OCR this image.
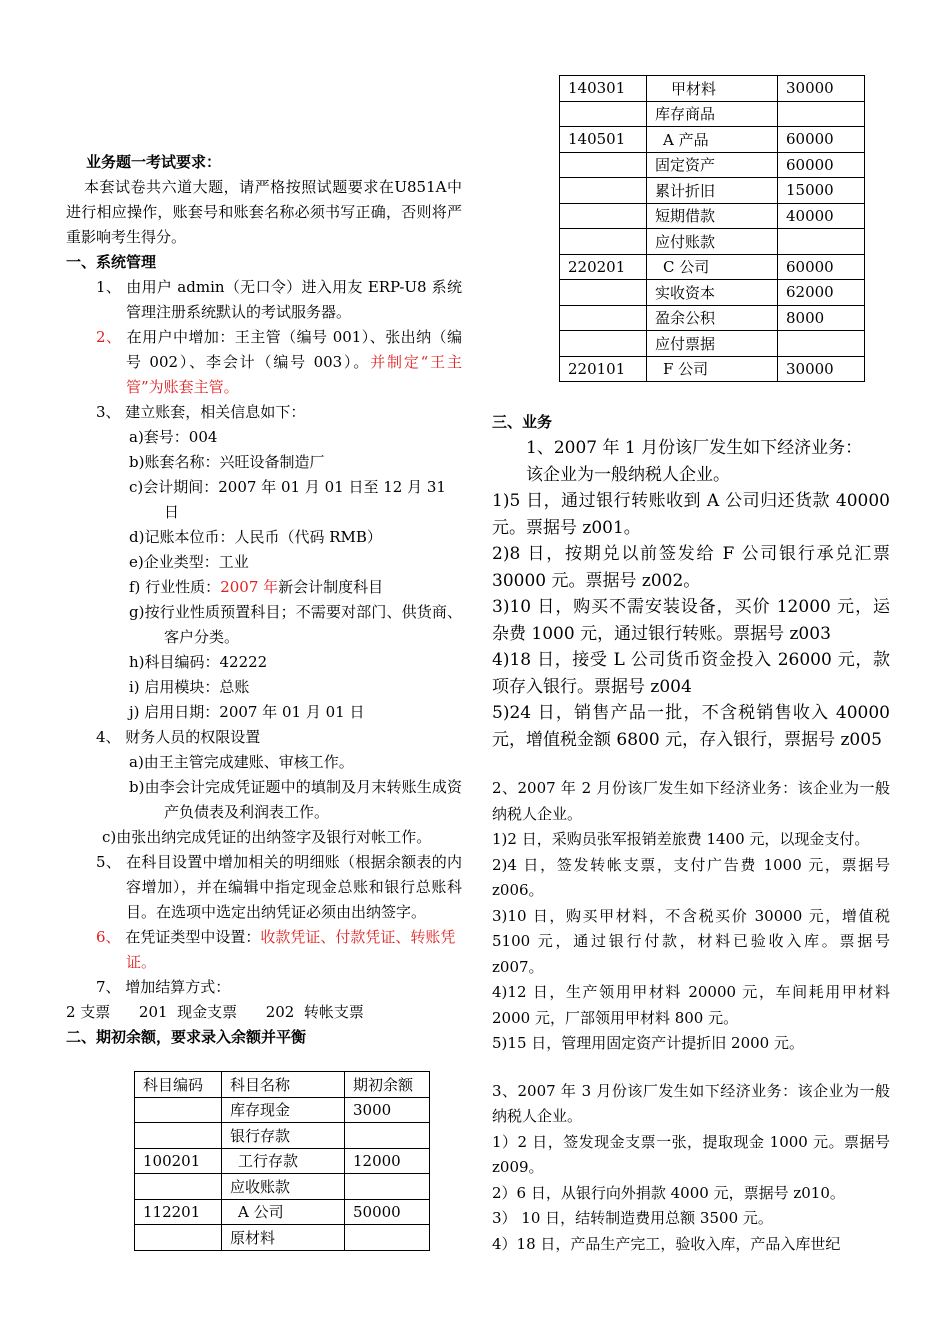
业务题一考试要求：

本套试卷共六道大题，请严格按照试题要求在U851A中进行相应操作，账套号和账套名称必须书写正确，否则将严重影响考生得分。

一、系统管理

1、 由用户 admin（无口令）进入用友 ERP-U8 系统管理注册系统默认的考试服务器。

2、 在用户中增加：王主管（编号 001）、张出纳（编号 002）、李会计（编号 003）。并制定“王主管”为账套主管。

3、 建立账套，相关信息如下：

a)套号：004

b)账套名称：兴旺设备制造厂

c)会计期间：2007 年 01 月 01 日至 12 月 31 日

d)记账本位币：人民币（代码 RMB）

e)企业类型：工业

f) 行业性质：2007 年新会计制度科目

g)按行业性质预置科目；不需要对部门、供货商、客户分类。

h)科目编码：42222

i) 启用模块：总账

j) 启用日期：2007 年 01 月 01 日

4、 财务人员的权限设置

a)由王主管完成建账、审核工作。

b)由李会计完成凭证题中的填制及月末转账生成资产负债表及利润表工作。

c)由张出纳完成凭证的出纳签字及银行对帐工作。

5、 在科目设置中增加相关的明细账（根据余额表的内容增加），并在编辑中指定现金总账和银行总账科目。在选项中选定出纳凭证必须由出纳签字。

6、 在凭证类型中设置：收款凭证、付款凭证、转账凭证。

7、 增加结算方式：

2 支票      201  现金支票      202  转帐支票

二、期初余额，要求录入余额并平衡

科目编码	科目名称	期初余额
	库存现金	3000
	银行存款	
100201	工行存款	12000
	应收账款	
112201	A 公司	50000
	原材料	
140301	甲材料	30000
	库存商品	
140501	A 产品	60000
	固定资产	60000
	累计折旧	15000
	短期借款	40000
	应付账款	
220201	C 公司	60000
	实收资本	62000
	盈余公积	8000
	应付票据	
220101	F 公司	30000

三、业务

1、2007 年 1 月份该厂发生如下经济业务：

该企业为一般纳税人企业。

1)5 日，通过银行转账收到 A 公司归还货款 40000 元。票据号 z001。

2)8 日，按期兑以前签发给 F 公司银行承兑汇票 30000 元。票据号 z002。

3)10 日，购买不需安装设备，买价 12000 元，运杂费 1000 元，通过银行转账。票据号 z003

4)18 日，接受 L 公司货币资金投入 26000 元，款项存入银行。票据号 z004

5)24 日，销售产品一批，不含税销售收入 40000 元，增值税金额 6800 元，存入银行，票据号 z005

2、2007 年 2 月份该厂发生如下经济业务：该企业为一般纳税人企业。

1)2 日，采购员张军报销差旅费 1400 元，以现金支付。

2)4 日，签发转帐支票，支付广告费 1000 元，票据号 z006。

3)10 日，购买甲材料，不含税买价 30000 元，增值税 5100 元，通过银行付款，材料已验收入库。票据号 z007。

4)12 日，生产领用甲材料 20000 元，车间耗用甲材料 2000 元，厂部领用甲材料 800 元。

5)15 日，管理用固定资产计提折旧 2000 元。

3、2007 年 3 月份该厂发生如下经济业务：该企业为一般纳税人企业。

1）2 日，签发现金支票一张，提取现金 1000 元。票据号 z009。

2）6 日，从银行向外捐款 4000 元，票据号 z010。

3） 10 日，结转制造费用总额 3500 元。

4）18 日，产品生产完工，验收入库，产品入库世纪
